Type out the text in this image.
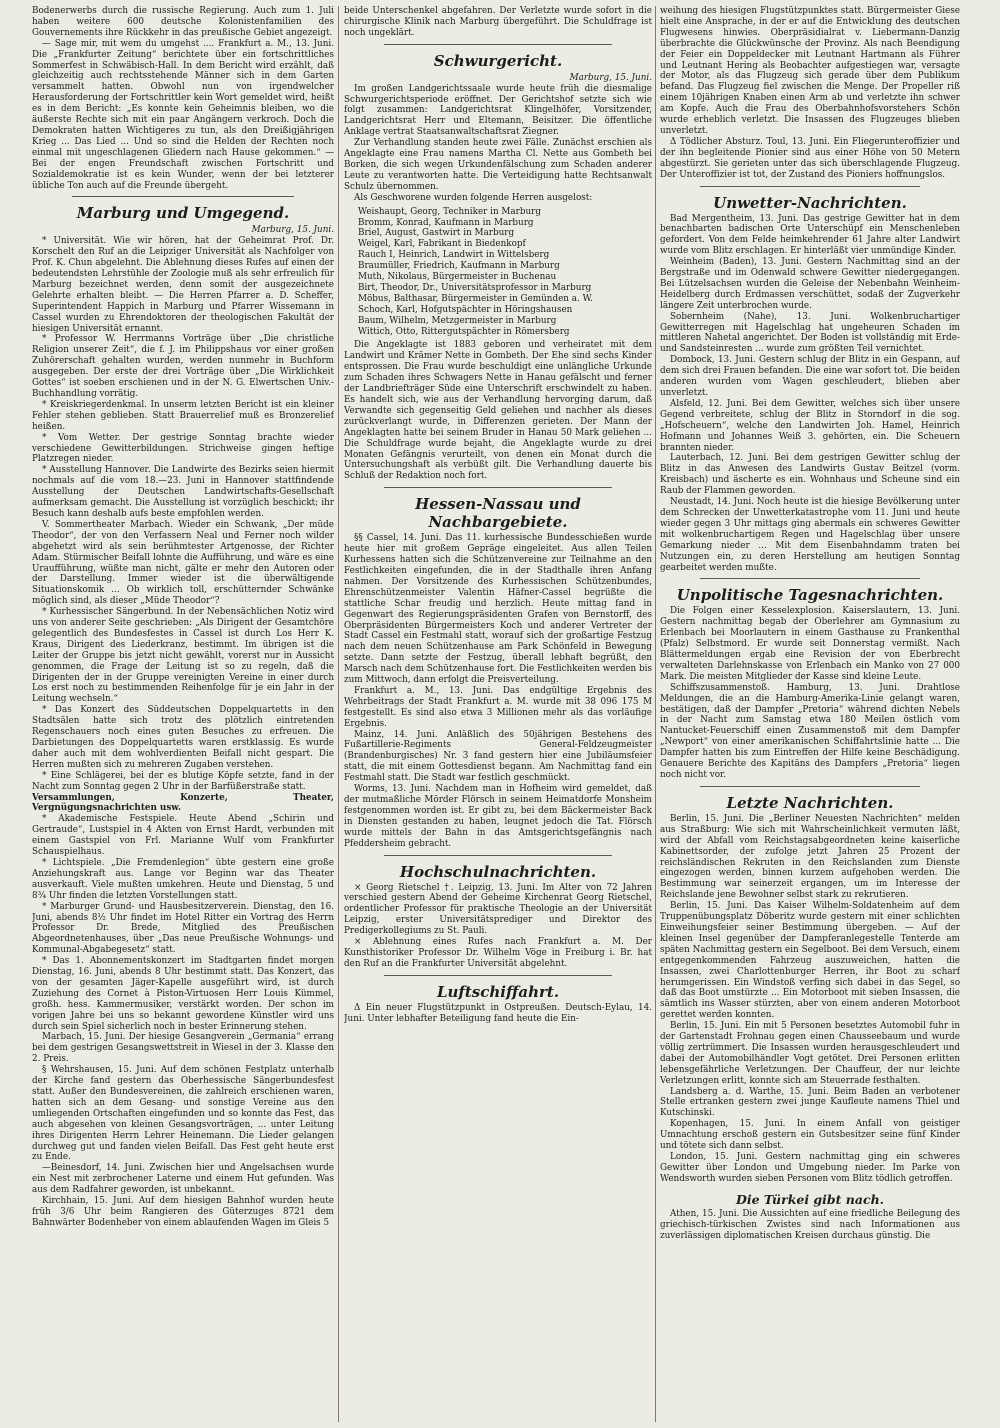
Bodenerwerbs durch die russische Regierung. Auch zum 1. Juli haben weitere 600 deutsche Kolonistenfamilien des Gouvernements ihre Rückkehr in das preußische Gebiet angezeigt.

— Sage mir, mit wem du umgehst .... Frankfurt a. M., 13. Juni. Die „Frankfurter Zeitung“ berichtete über ein fortschrittliches Sommerfest in Schwäbisch-Hall. In dem Bericht wird erzählt, daß gleichzeitig auch rechtsstehende Männer sich in dem Garten versammelt hatten. Obwohl nun von irgendwelcher Herausforderung der Fortschrittler kein Wort gemeldet wird, heißt es in dem Bericht: „Es konnte kein Geheimnis bleiben, wo die äußerste Rechte sich mit ein paar Angängern verkroch. Doch die Demokraten hatten Wichtigeres zu tun, als den Dreißigjährigen Krieg ... Das Lied ... Und so sind die Helden der Rechten noch einmal mit ungeschlagenen Gliedern nach Hause gekommen.“ — Bei der engen Freundschaft zwischen Fortschritt und Sozialdemokratie ist es kein Wunder, wenn der bei letzterer übliche Ton auch auf die Freunde übergeht.

Marburg und Umgegend.
Marburg, 15. Juni.

* Universität. Wie wir hören, hat der Geheimrat Prof. Dr. Korschelt den Ruf an die Leipziger Universität als Nachfolger von Prof. K. Chun abgelehnt. Die Ablehnung dieses Rufes auf einen der bedeutendsten Lehrstühle der Zoologie muß als sehr erfreulich für Marburg bezeichnet werden, denn somit der ausgezeichnete Gelehrte erhalten bleibt. — Die Herren Pfarrer a. D. Scheffer, Superintendent Happich in Marburg und Pfarrer Wissemann in Cassel wurden zu Ehrendoktoren der theologischen Fakultät der hiesigen Universität ernannt.

* Professor W. Herrmanns Vorträge über „Die christliche Religion unserer Zeit“, die f. J. im Philippshaus vor einer großen Zuhörerschaft gehalten wurden, werden nunmehr in Buchform ausgegeben. Der erste der drei Vorträge über „Die Wirklichkeit Gottes“ ist soeben erschienen und in der N. G. Elwertschen Univ.-Buchhandlung vorrätig.

* Kreiskriegerdenkmal. In unserm letzten Bericht ist ein kleiner Fehler stehen geblieben. Statt Brauerrelief muß es Bronzerelief heißen.

* Vom Wetter. Der gestrige Sonntag brachte wieder verschiedene Gewitterbildungen. Strichweise gingen heftige Platzregen nieder.

* Ausstellung Hannover. Die Landwirte des Bezirks seien hiermit nochmals auf die vom 18.—23. Juni in Hannover stattfindende Ausstellung der Deutschen Landwirtschafts-Gesellschaft aufmerksam gemacht. Die Ausstellung ist vorzüglich beschickt; ihr Besuch kann deshalb aufs beste empfohlen werden.

V. Sommertheater Marbach. Wieder ein Schwank, „Der müde Theodor“, der von den Verfassern Neal und Ferner noch wilder abgehetzt wird als sein berühmtester Artgenosse, der Richter Adam. Stürmischer Beifall lohnte die Aufführung, und wäre es eine Uraufführung, wüßte man nicht, gälte er mehr den Autoren oder der Darstellung. Immer wieder ist die überwältigende Situationskomik ... Ob wirklich toll, erschütternder Schwänke möglich sind, als dieser „Müde Theodor“?

* Kurhessischer Sängerbund. In der Nebensächlichen Notiz wird uns von anderer Seite geschrieben: „Als Dirigent der Gesamtchöre gelegentlich des Bundesfestes in Cassel ist durch Los Herr K. Kraus, Dirigent des Liederkranz, bestimmt. Im übrigen ist die Leiter der Gruppe bis jetzt nicht gewählt, vorerst nur in Aussicht genommen, die Frage der Leitung ist so zu regeln, daß die Dirigenten der in der Gruppe vereinigten Vereine in einer durch Los erst noch zu bestimmenden Reihenfolge für je ein Jahr in der Leitung wechseln.“

* Das Konzert des Süddeutschen Doppelquartetts in den Stadtsälen hatte sich trotz des plötzlich eintretenden Regenschauers noch eines guten Besuches zu erfreuen. Die Darbietungen des Doppelquartetts waren erstklassig. Es wurde daher auch mit dem wohlverdienten Beifall nicht gespart. Die Herren mußten sich zu mehreren Zugaben verstehen.

* Eine Schlägerei, bei der es blutige Köpfe setzte, fand in der Nacht zum Sonntag gegen 2 Uhr in der Barfüßerstraße statt.

Versammlungen, Konzerte, Theater, Vergnügungsnachrichten usw.

* Akademische Festspiele. Heute Abend „Schirin und Gertraude“, Lustspiel in 4 Akten von Ernst Hardt, verbunden mit einem Gastspiel von Frl. Marianne Wulf vom Frankfurter Schauspielhaus.

* Lichtspiele. „Die Fremdenlegion“ übte gestern eine große Anziehungskraft aus. Lange vor Beginn war das Theater ausverkauft. Viele mußten umkehren. Heute und Dienstag, 5 und 8¾ Uhr finden die letzten Vorstellungen statt.

* Marburger Grund- und Hausbesitzerverein. Dienstag, den 16. Juni, abends 8½ Uhr findet im Hotel Ritter ein Vortrag des Herrn Professor Dr. Brede, Mitglied des Preußischen Abgeordnetenhauses, über „Das neue Preußische Wohnungs- und Kommunal-Abgabegesetz“ statt.

* Das 1. Abonnementskonzert im Stadtgarten findet morgen Dienstag, 16. Juni, abends 8 Uhr bestimmt statt. Das Konzert, das von der gesamten Jäger-Kapelle ausgeführt wird, ist durch Zuziehung des Cornet à Piston-Virtuosen Herr Louis Kümmel, großh. hess. Kammermusiker, verstärkt worden. Der schon im vorigen Jahre bei uns so bekannt gewordene Künstler wird uns durch sein Spiel sicherlich noch in bester Erinnerung stehen.

Marbach, 15. Juni. Der hiesige Gesangverein „Germania“ errang bei dem gestrigen Gesangswettstreit in Wiesel in der 3. Klasse den 2. Preis.

§ Wehrshausen, 15. Juni. Auf dem schönen Festplatz unterhalb der Kirche fand gestern das Oberhessische Sängerbundesfest statt. Außer den Bundesvereinen, die zahlreich erschienen waren, hatten sich an dem Gesang- und sonstige Vereine aus den umliegenden Ortschaften eingefunden und so konnte das Fest, das auch abgesehen von kleinen Gesangsvorträgen, ... unter Leitung ihres Dirigenten Herrn Lehrer Heinemann. Die Lieder gelangen durchweg gut und fanden vielen Beifall. Das Fest geht heute erst zu Ende.

—Beinesdorf, 14. Juni. Zwischen hier und Angelsachsen wurde ein Nest mit zerbrochener Laterne und einem Hut gefunden. Was aus dem Radfahrer geworden, ist unbekannt.

Kirchhain, 15. Juni. Auf dem hiesigen Bahnhof wurden heute früh 3/6 Uhr beim Rangieren des Güterzuges 8721 dem Bahnwärter Bodenheber von einem ablaufenden Wagen im Gleis 5

beide Unterschenkel abgefahren. Der Verletzte wurde sofort in die chirurgische Klinik nach Marburg übergeführt. Die Schuldfrage ist noch ungeklärt.

Schwurgericht.
Marburg, 15. Juni.

Im großen Landgerichtssaale wurde heute früh die diesmalige Schwurgerichtsperiode eröffnet. Der Gerichtshof setzte sich wie folgt zusammen: Landgerichtsrat Klingelhöfer, Vorsitzender, Landgerichtsrat Herr und Eltemann, Beisitzer. Die öffentliche Anklage vertrat Staatsanwaltschaftsrat Ziegner.

Zur Verhandlung standen heute zwei Fälle. Zunächst erschien als Angeklagte eine Frau namens Martha Cl. Nette aus Gombeth bei Borken, die sich wegen Urkundenfälschung zum Schaden anderer Leute zu verantworten hatte. Die Verteidigung hatte Rechtsanwalt Schulz übernommen.

Als Geschworene wurden folgende Herren ausgelost:

Weishaupt, Georg, Techniker in Marburg
Bromm, Konrad, Kaufmann in Marburg
Briel, August, Gastwirt in Marburg
Weigel, Karl, Fabrikant in Biedenkopf
Rauch I, Heinrich, Landwirt in Wittelsberg
Braumüller, Friedrich, Kaufmann in Marburg
Muth, Nikolaus, Bürgermeister in Buchenau
Birt, Theodor, Dr., Universitätsprofessor in Marburg
Möbus, Balthasar, Bürgermeister in Gemünden a. W.
Schoch, Karl, Hofgutspächter in Höringshausen
Baum, Wilhelm, Metzgermeister in Marburg
Wittich, Otto, Rittergutspächter in Römersberg

Die Angeklagte ist 1883 geboren und verheiratet mit dem Landwirt und Krämer Nette in Gombeth. Der Ehe sind sechs Kinder entsprossen. Die Frau wurde beschuldigt eine unlängliche Urkunde zum Schaden ihres Schwagers Nette in Hanau gefälscht und ferner der Landbriefträger Süde eine Unterschrift erschwindelt zu haben. Es handelt sich, wie aus der Verhandlung hervorging darum, daß Verwandte sich gegenseitig Geld geliehen und nachher als dieses zurückverlangt wurde, in Differenzen gerieten. Der Mann der Angeklagten hatte bei seinem Bruder in Hanau 50 Mark geliehen ... Die Schuldfrage wurde bejaht, die Angeklagte wurde zu drei Monaten Gefängnis verurteilt, von denen ein Monat durch die Untersuchungshaft als verbüßt gilt. Die Verhandlung dauerte bis Schluß der Redaktion noch fort.

Hessen-Nassau und Nachbargebiete.

§§ Cassel, 14. Juni. Das 11. kurhessische Bundesschießen wurde heute hier mit großem Gepräge eingeleitet. Aus allen Teilen Kurhessens hatten sich die Schützenvereine zur Teilnahme an den Festlichkeiten eingefunden, die in der Stadthalle ihren Anfang nahmen. Der Vorsitzende des Kurhessischen Schützenbundes, Ehrenschützenmeister Valentin Häfner-Cassel begrüßte die stattliche Schar freudig und herzlich. Heute mittag fand in Gegenwart des Regierungspräsidenten Grafen von Bernstorff, des Oberpräsidenten Bürgermeisters Koch und anderer Vertreter der Stadt Cassel ein Festmahl statt, worauf sich der großartige Festzug nach dem neuen Schützenhause am Park Schönfeld in Bewegung setzte. Dann setzte der Festzug, überall lebhaft begrüßt, den Marsch nach dem Schützenhause fort. Die Festlichkeiten werden bis zum Mittwoch, dann erfolgt die Preisverteilung.

Frankfurt a. M., 13. Juni. Das endgültige Ergebnis des Wehrbeitrags der Stadt Frankfurt a. M. wurde mit 38 096 175 M festgestellt. Es sind also etwa 3 Millionen mehr als das vorläufige Ergebnis.

Mainz, 14. Juni. Anläßlich des 50jährigen Bestehens des Fußartillerie-Regiments General-Feldzeugmeister (Brandenburgisches) Nr. 3 fand gestern hier eine Jubiläumsfeier statt, die mit einem Gottesdienst begann. Am Nachmittag fand ein Festmahl statt. Die Stadt war festlich geschmückt.

Worms, 13. Juni. Nachdem man in Hofheim wird gemeldet, daß der mutmaßliche Mörder Flörsch in seinem Heimatdorfe Monsheim festgenommen worden ist. Er gibt zu, bei dem Bäckermeister Back in Diensten gestanden zu haben, leugnet jedoch die Tat. Flörsch wurde mittels der Bahn in das Amtsgerichtsgefängnis nach Pfeddersheim gebracht.

Hochschulnachrichten.

× Georg Rietschel †. Leipzig, 13. Juni. Im Alter von 72 Jahren verschied gestern Abend der Geheime Kirchenrat Georg Rietschel, ordentlicher Professor für praktische Theologie an der Universität Leipzig, erster Universitätsprediger und Direktor des Predigerkollegiums zu St. Pauli.

× Ablehnung eines Rufes nach Frankfurt a. M. Der Kunsthistoriker Professor Dr. Wilhelm Vöge in Freiburg i. Br. hat den Ruf an die Frankfurter Universität abgelehnt.

Luftschiffahrt.

Δ Ein neuer Flugstützpunkt in Ostpreußen. Deutsch-Eylau, 14. Juni. Unter lebhafter Beteiligung fand heute die Ein-

weihung des hiesigen Flugstützpunktes statt. Bürgermeister Giese hielt eine Ansprache, in der er auf die Entwicklung des deutschen Flugwesens hinwies. Oberpräsidialrat v. Liebermann-Danzig überbrachte die Glückwünsche der Provinz. Als nach Beendigung der Feier ein Doppeldecker mit Leutnant Hartmann als Führer und Leutnant Hering als Beobachter aufgestiegen war, versagte der Motor, als das Flugzeug sich gerade über dem Publikum befand. Das Flugzeug fiel zwischen die Menge. Der Propeller riß einem 10jährigen Knaben einen Arm ab und verletzte ihn schwer am Kopfe. Auch die Frau des Oberbahnhofsvorstehers Schön wurde erheblich verletzt. Die Insassen des Flugzeuges blieben unverletzt.

Δ Tödlicher Absturz. Toul, 13. Juni. Ein Fliegerunteroffizier und der ihn begleitende Pionier sind aus einer Höhe von 50 Metern abgestürzt. Sie gerieten unter das sich überschlagende Flugzeug. Der Unteroffizier ist tot, der Zustand des Pioniers hoffnungslos.

Unwetter-Nachrichten.

Bad Mergentheim, 13. Juni. Das gestrige Gewitter hat in dem benachbarten badischen Orte Unterschüpf ein Menschenleben gefordert. Von dem Felde heimkehrender 61 Jahre alter Landwirt wurde vom Blitz erschlagen. Er hinterläßt vier unmündige Kinder.

Weinheim (Baden), 13. Juni. Gestern Nachmittag sind an der Bergstraße und im Odenwald schwere Gewitter niedergegangen. Bei Lützelsachsen wurden die Geleise der Nebenbahn Weinheim-Heidelberg durch Erdmassen verschüttet, sodaß der Zugverkehr längere Zeit unterbrochen wurde.

Sobernheim (Nahe), 13. Juni. Wolkenbruchartiger Gewitterregen mit Hagelschlag hat ungeheuren Schaden im mittleren Nahetal angerichtet. Der Boden ist vollständig mit Erde- und Sandsteinresten ... wurde zum größten Teil vernichtet.

Dombock, 13. Juni. Gestern schlug der Blitz in ein Gespann, auf dem sich drei Frauen befanden. Die eine war sofort tot. Die beiden anderen wurden vom Wagen geschleudert, blieben aber unverletzt.

Alsfeld, 12. Juni. Bei dem Gewitter, welches sich über unsere Gegend verbreitete, schlug der Blitz in Storndorf in die sog. „Hofscheuern“, welche den Landwirten Joh. Hamel, Heinrich Hofmann und Johannes Weiß 3. gehörten, ein. Die Scheuern brannten nieder.

Lauterbach, 12. Juni. Bei dem gestrigen Gewitter schlug der Blitz in das Anwesen des Landwirts Gustav Beitzel (vorm. Kreisbach) und äscherte es ein. Wohnhaus und Scheune sind ein Raub der Flammen geworden.

Neustadt, 14. Juni. Noch heute ist die hiesige Bevölkerung unter dem Schrecken der Unwetterkatastrophe vom 11. Juni und heute wieder gegen 3 Uhr mittags ging abermals ein schweres Gewitter mit wolkenbruchartigem Regen und Hagelschlag über unsere Gemarkung nieder ... Mit dem Eisenbahndamm traten bei Nutzungen ein, zu deren Herstellung am heutigen Sonntag gearbeitet werden mußte.

Unpolitische Tagesnachrichten.

Die Folgen einer Kesselexplosion. Kaiserslautern, 13. Juni. Gestern nachmittag begab der Oberlehrer am Gymnasium zu Erlenbach bei Moorlautern in einem Gasthause zu Frankenthal (Pfalz) Selbstmord. Er wurde seit Donnerstag vermißt. Nach Blättermeldungen ergab eine Revision der von Eberbrecht verwalteten Darlehnskasse von Erlenbach ein Manko von 27 000 Mark. Die meisten Mitglieder der Kasse sind kleine Leute.

Schiffszusammenstoß. Hamburg, 13. Juni. Drahtlose Meldungen, die an die Hamburg-Amerika-Linie gelangt waren, bestätigen, daß der Dampfer „Pretoria“ während dichten Nebels in der Nacht zum Samstag etwa 180 Meilen östlich vom Nantucket-Feuerschiff einen Zusammenstoß mit dem Dampfer „Newport“ von einer amerikanischen Schiffahrtslinie hatte ... Die Dampfer hatten bis zum Eintreffen der Hilfe keine Beschädigung. Genauere Berichte des Kapitäns des Dampfers „Pretoria“ liegen noch nicht vor.

Letzte Nachrichten.

Berlin, 15. Juni. Die „Berliner Neuesten Nachrichten“ melden aus Straßburg: Wie sich mit Wahrscheinlichkeit vermuten läßt, wird der Abfall vom Reichstagsabgeordneten keine kaiserliche Kabinettsorder, der zufolge jetzt Jahren 25 Prozent der reichsländischen Rekruten in den Reichslanden zum Dienste eingezogen werden, binnen kurzem aufgehoben werden. Die Bestimmung war seinerzeit ergangen, um im Interesse der Reichslande jene Bewohner selbst stark zu rekrutieren.

Berlin, 15. Juni. Das Kaiser Wilhelm-Soldatenheim auf dem Truppenübungsplatz Döberitz wurde gestern mit einer schlichten Einweihungsfeier seiner Bestimmung übergeben. — Auf der kleinen Insel gegenüber der Dampferanlegestelle Tenterde am späten Nachmittag gestern ein Segelboot. Bei dem Versuch, einem entgegenkommenden Fahrzeug auszuweichen, hatten die Insassen, zwei Charlottenburger Herren, ihr Boot zu scharf herumgerissen. Ein Windstoß verfing sich dabei in das Segel, so daß das Boot umstürzte ... Ein Motorboot mit sieben Insassen, die sämtlich ins Wasser stürzten, aber von einem anderen Motorboot gerettet werden konnten.

Berlin, 15. Juni. Ein mit 5 Personen besetztes Automobil fuhr in der Gartenstadt Frohnau gegen einen Chausseebaum und wurde völlig zertrümmert. Die Insassen wurden herausgeschleudert und dabei der Automobilhändler Vogt getötet. Drei Personen erlitten lebensgefährliche Verletzungen. Der Chauffeur, der nur leichte Verletzungen erlitt, konnte sich am Steuerrade festhalten.

Landsberg a. d. Warthe, 15. Juni. Beim Baden an verbotener Stelle ertranken gestern zwei junge Kaufleute namens Thiel und Kutschinski.

Kopenhagen, 15. Juni. In einem Anfall von geistiger Umnachtung erschoß gestern ein Gutsbesitzer seine fünf Kinder und tötete sich dann selbst.

London, 15. Juni. Gestern nachmittag ging ein schweres Gewitter über London und Umgebung nieder. Im Parke von Wendsworth wurden sieben Personen vom Blitz tödlich getroffen.

Die Türkei gibt nach.

Athen, 15. Juni. Die Aussichten auf eine friedliche Beilegung des griechisch-türkischen Zwistes sind nach Informationen aus zuverlässigen diplomatischen Kreisen durchaus günstig. Die
